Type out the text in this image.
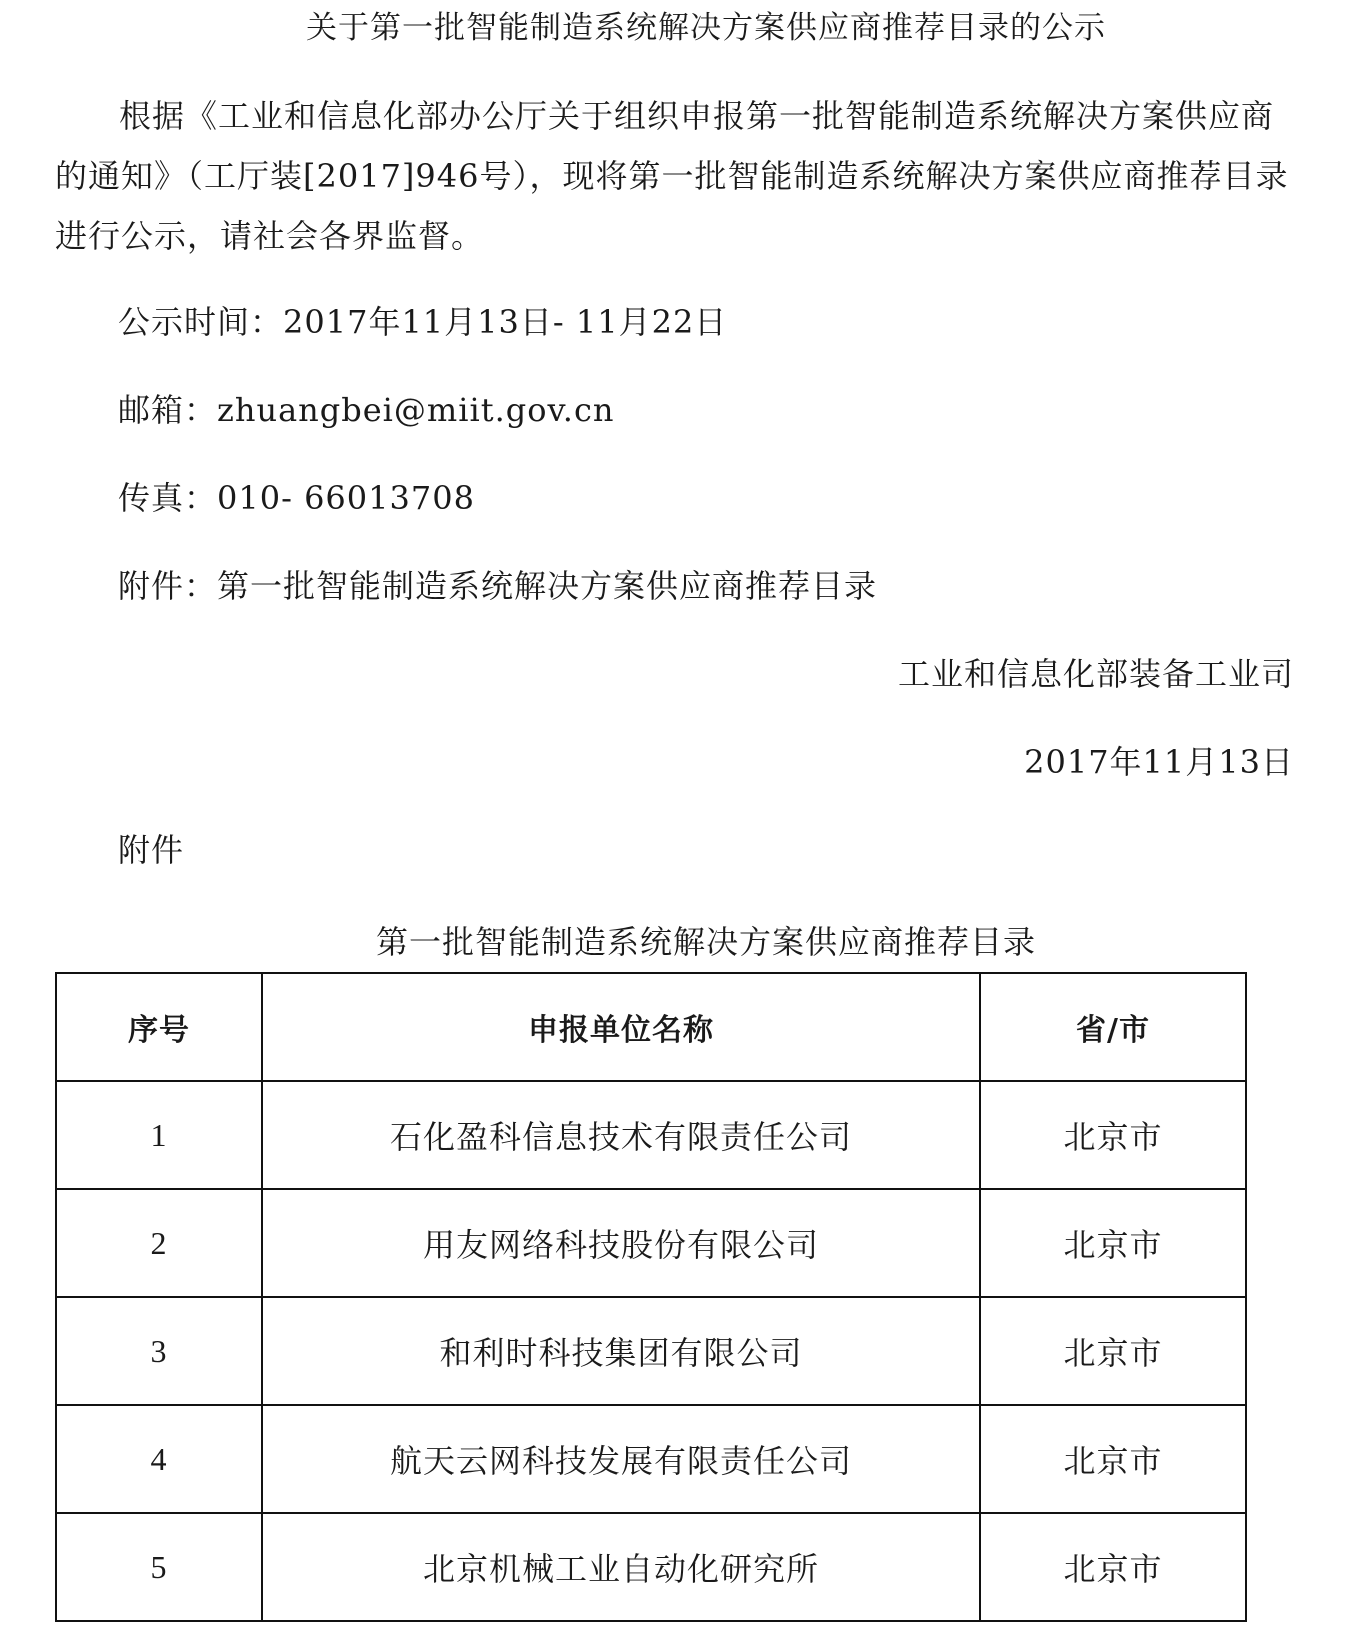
关于第一批智能制造系统解决方案供应商推荐目录的公示
根据《工业和信息化部办公厅关于组织申报第一批智能制造系统解决方案供应商的通知》（工厅装[2017]946号），现将第一批智能制造系统解决方案供应商推荐目录进行公示，请社会各界监督。
公示时间：2017年11月13日- 11月22日
邮箱：zhuangbei@miit.gov.cn
传真：010- 66013708
附件：第一批智能制造系统解决方案供应商推荐目录
工业和信息化部装备工业司
2017年11月13日
附件
第一批智能制造系统解决方案供应商推荐目录
序号	申报单位名称	省/市
1	石化盈科信息技术有限责任公司	北京市
2	用友网络科技股份有限公司	北京市
3	和利时科技集团有限公司	北京市
4	航天云网科技发展有限责任公司	北京市
5	北京机械工业自动化研究所	北京市
